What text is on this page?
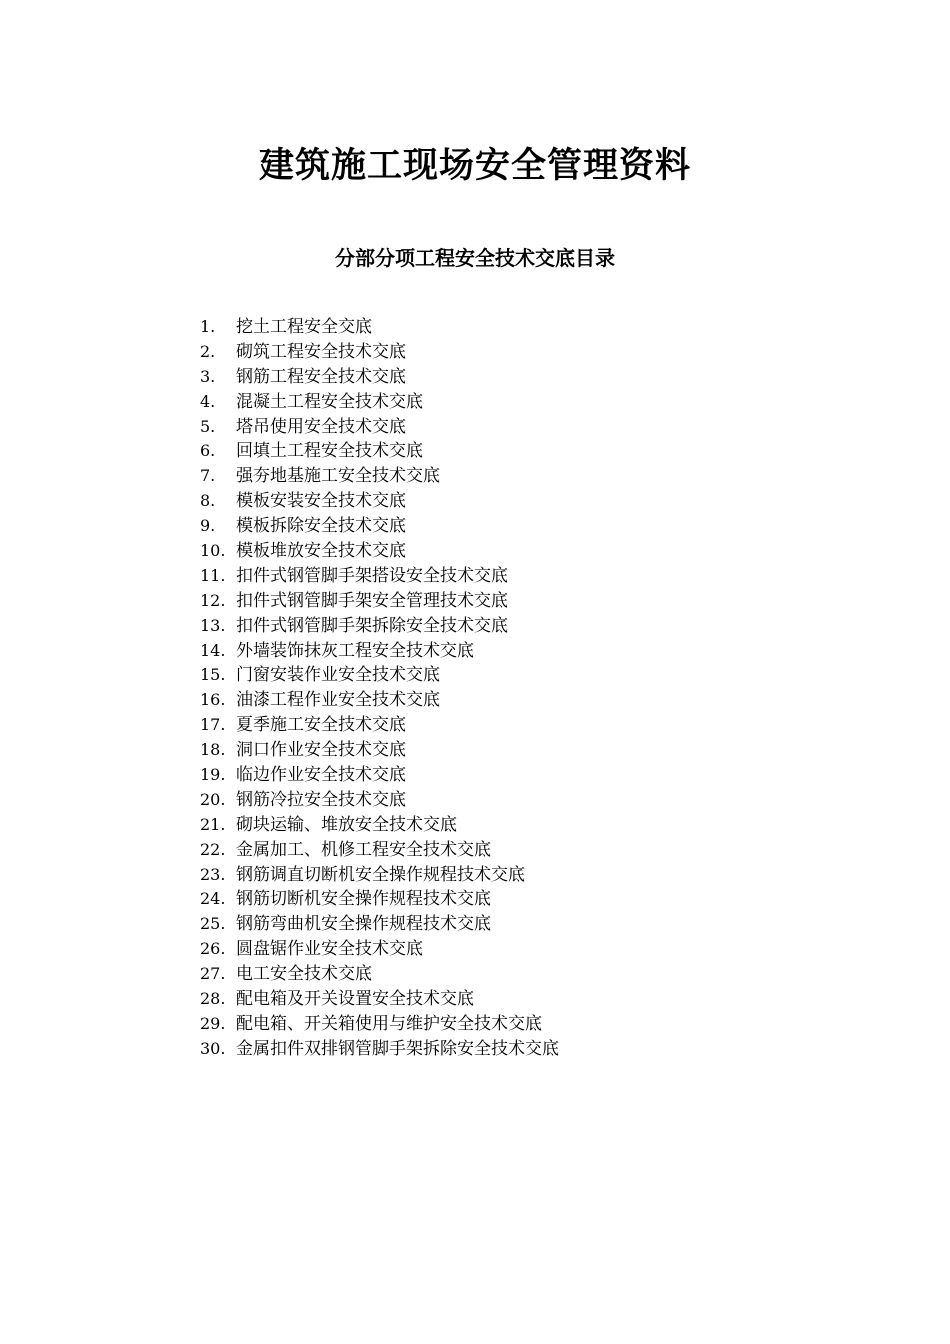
建筑施工现场安全管理资料
分部分项工程安全技术交底目录
1.	挖土工程安全交底
2.	砌筑工程安全技术交底
3.	钢筋工程安全技术交底
4.	混凝土工程安全技术交底
5.	塔吊使用安全技术交底
6.	回填土工程安全技术交底
7.	强夯地基施工安全技术交底
8.	模板安装安全技术交底
9.	模板拆除安全技术交底
10. 模板堆放安全技术交底
11. 扣件式钢管脚手架搭设安全技术交底
12. 扣件式钢管脚手架安全管理技术交底
13. 扣件式钢管脚手架拆除安全技术交底
14. 外墙装饰抹灰工程安全技术交底
15. 门窗安装作业安全技术交底
16. 油漆工程作业安全技术交底
17. 夏季施工安全技术交底
18. 洞口作业安全技术交底
19. 临边作业安全技术交底
20. 钢筋冷拉安全技术交底
21. 砌块运输、堆放安全技术交底
22. 金属加工、机修工程安全技术交底
23. 钢筋调直切断机安全操作规程技术交底
24. 钢筋切断机安全操作规程技术交底
25. 钢筋弯曲机安全操作规程技术交底
26. 圆盘锯作业安全技术交底
27. 电工安全技术交底
28. 配电箱及开关设置安全技术交底
29. 配电箱、开关箱使用与维护安全技术交底
30. 金属扣件双排钢管脚手架拆除安全技术交底
